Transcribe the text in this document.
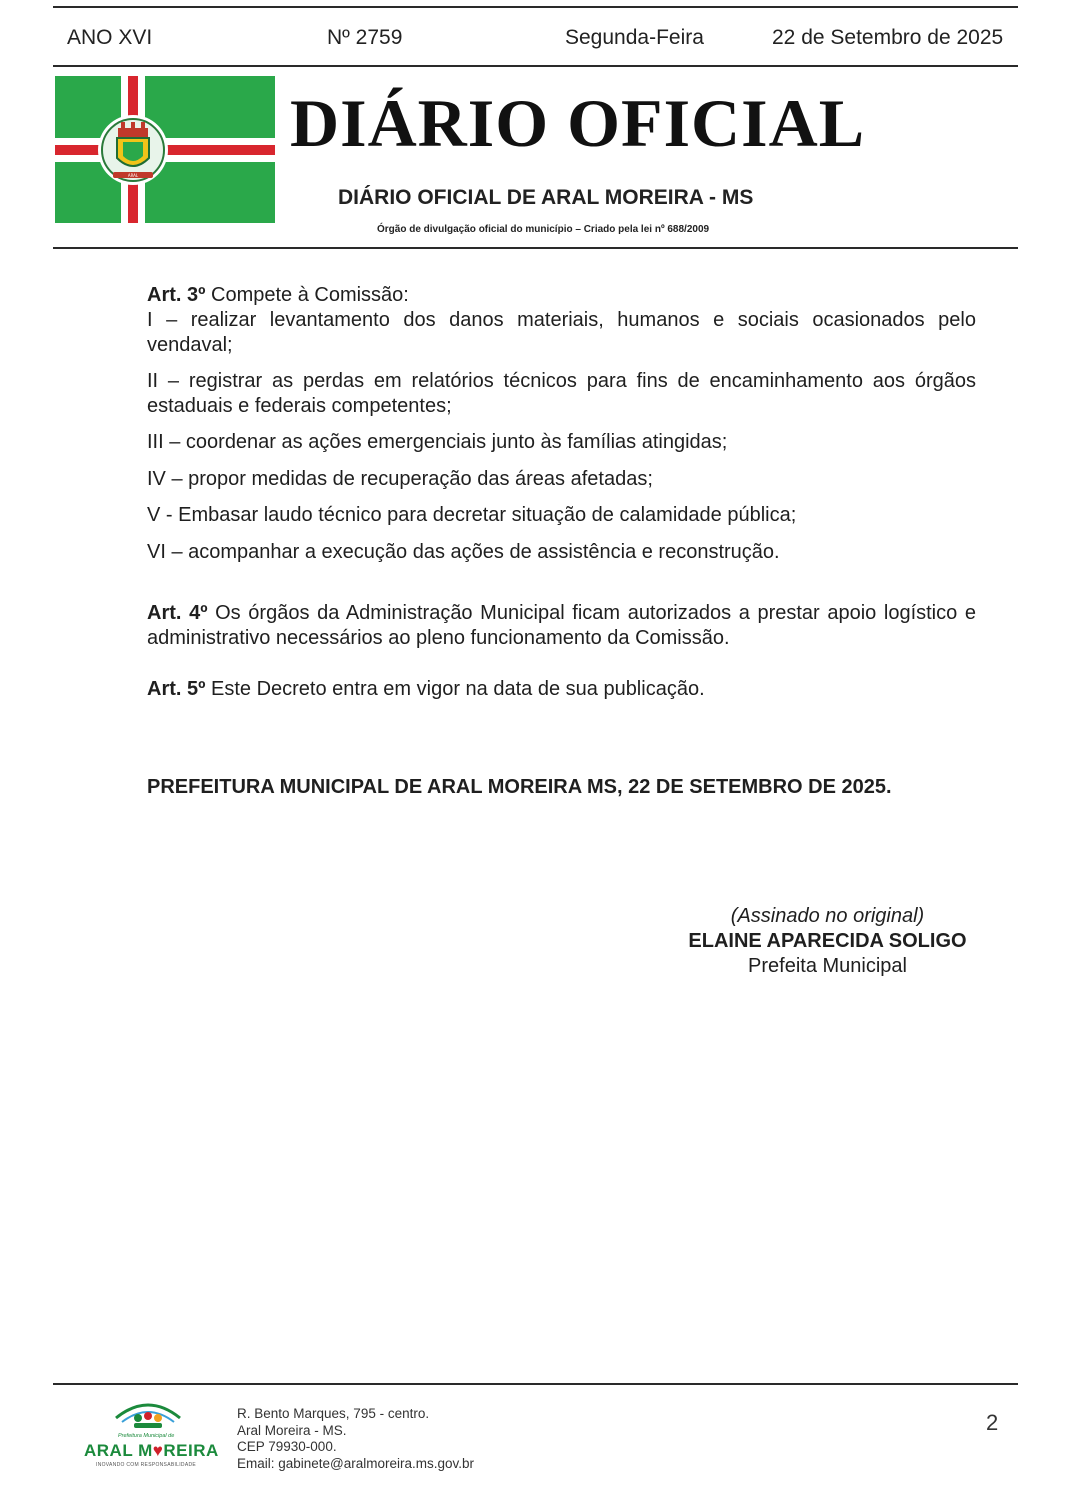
ANO XVI	Nº 2759	Segunda-Feira	22 de Setembro de 2025
ARAL
DIÁRIO OFICIAL
DIÁRIO OFICIAL DE ARAL MOREIRA - MS
Órgão de divulgação oficial do município – Criado pela lei nº 688/2009

Art. 3º Compete à Comissão:

I – realizar levantamento dos danos materiais, humanos e sociais ocasionados pelo vendaval;

II – registrar as perdas em relatórios técnicos para fins de encaminhamento aos órgãos estaduais e federais competentes;
III – coordenar as ações emergenciais junto às famílias atingidas;
IV – propor medidas de recuperação das áreas afetadas;
V - Embasar laudo técnico para decretar situação de calamidade pública;
VI – acompanhar a execução das ações de assistência e reconstrução.
Art. 4º Os órgãos da Administração Municipal ficam autorizados a prestar apoio logístico e administrativo necessários ao pleno funcionamento da Comissão.
Art. 5º Este Decreto entra em vigor na data de sua publicação.
PREFEITURA MUNICIPAL DE ARAL MOREIRA MS, 22 DE SETEMBRO DE 2025.
(Assinado no original)
ELAINE APARECIDA SOLIGO
Prefeita Municipal
Prefeitura Municipal de
ARAL M♥REIRA
INOVANDO COM RESPONSABILIDADE
R. Bento Marques, 795 - centro.
Aral Moreira - MS.
CEP 79930-000.
Email: gabinete@aralmoreira.ms.gov.br
2
